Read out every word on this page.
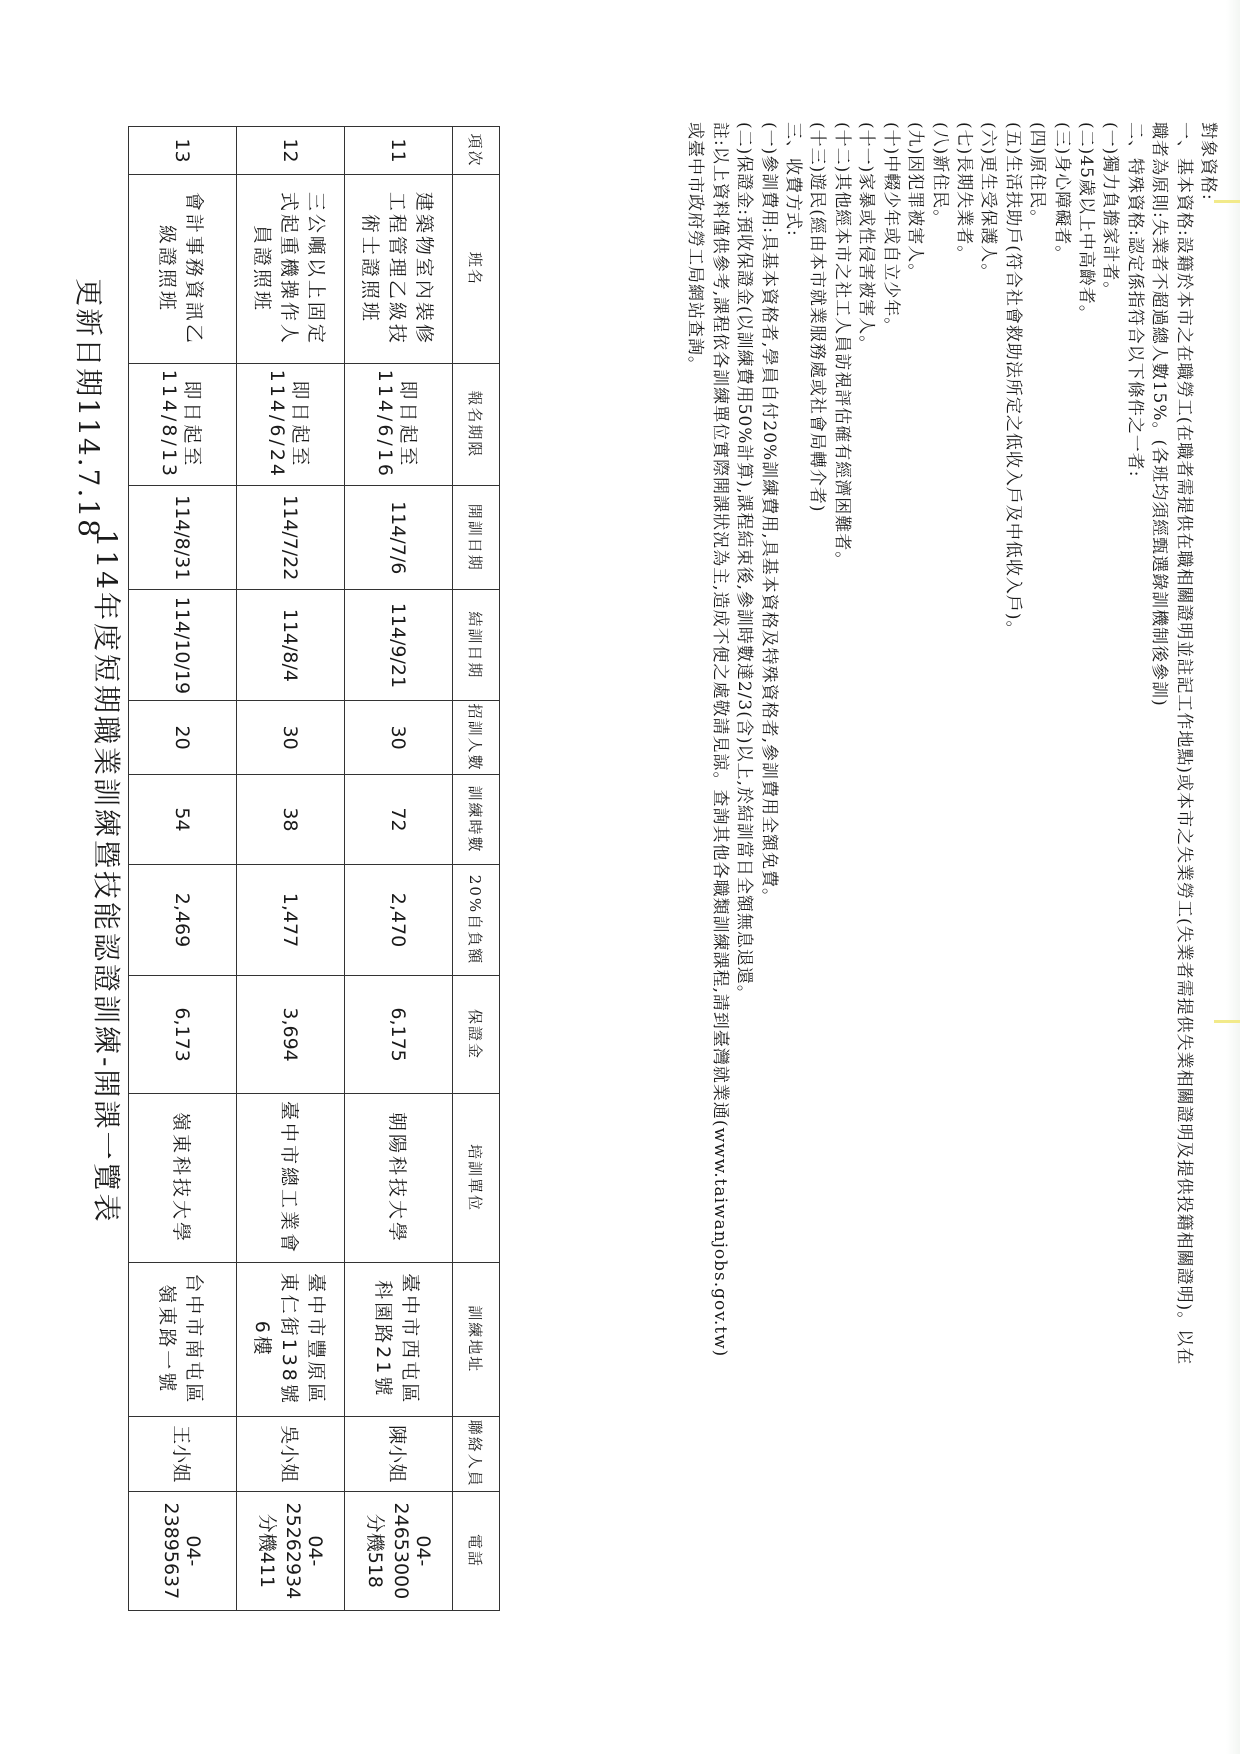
114年度短期職業訓練暨技能認證訓練-開課一覽表
更新日期114.7.18
項次	班名	報名期限	開訓日期	結訓日期	招訓人數	訓練時數	20%自負額	保證金	培訓單位	訓練地址	聯絡人員	電話
11	建築物室內裝修工程管理乙級技術士證照班	即日起至114/6/16	114/7/6	114/9/21	30	72	2,470	6,175	朝陽科技大學	臺中市西屯區科園路21號	陳小姐	04-24653000分機518
12	三公噸以上固定式起重機操作人員證照班	即日起至114/6/24	114/7/22	114/8/4	30	38	1,477	3,694	臺中市總工業會	臺中市豐原區東仁街138號6樓	吳小姐	04-25262934分機411
13	會計事務資訊乙級證照班	即日起至114/8/13	114/8/31	114/10/19	20	54	2,469	6,173	嶺東科技大學	台中市南屯區嶺東路一號	王小姐	04-23895637
對象資格:
一、基本資格:設籍於本市之在職勞工(在職者需提供在職相關證明並註記工作地點)或本市之失業勞工(失業者需提供失業相關證明及提供投籍相關證明)。以在
職者為原則:失業者不超過總人數15%。(各班均須經甄選錄訓機制後參訓)
二、特殊資格:認定係指符合以下條件之一者:
(一)獨力負擔家計者。
(二)45歲以上中高齡者。
(三)身心障礙者。
(四)原住民。
(五)生活扶助戶(符合社會救助法所定之低收入戶及中低收入戶)。
(六)更生受保護人。
(七)長期失業者。
(八)新住民。
(九)因犯罪被害人。
(十)中輟少年或自立少年。
(十一)家暴或性侵害被害人。
(十二)其他經本市之社工人員訪視評估確有經濟困難者。
(十三)遊民(經由本市就業服務處或社會局轉介者)
三、收費方式:
(一)參訓費用:具基本資格者,學員自付20%訓練費用,具基本資格及特殊資格者,參訓費用全額免費。
(二)保證金:預收保證金(以訓練費用50%計算),課程結束後,參訓時數達2/3(含)以上,於結訓當日全額無息退還。
註:以上資料僅供參考,課程依各訓練單位實際開課狀況為主,造成不便之處敬請見諒。查詢其他各職類訓練課程,請到臺灣就業通(www.taiwanjobs.gov.tw)
或臺中市政府勞工局網站查詢。
